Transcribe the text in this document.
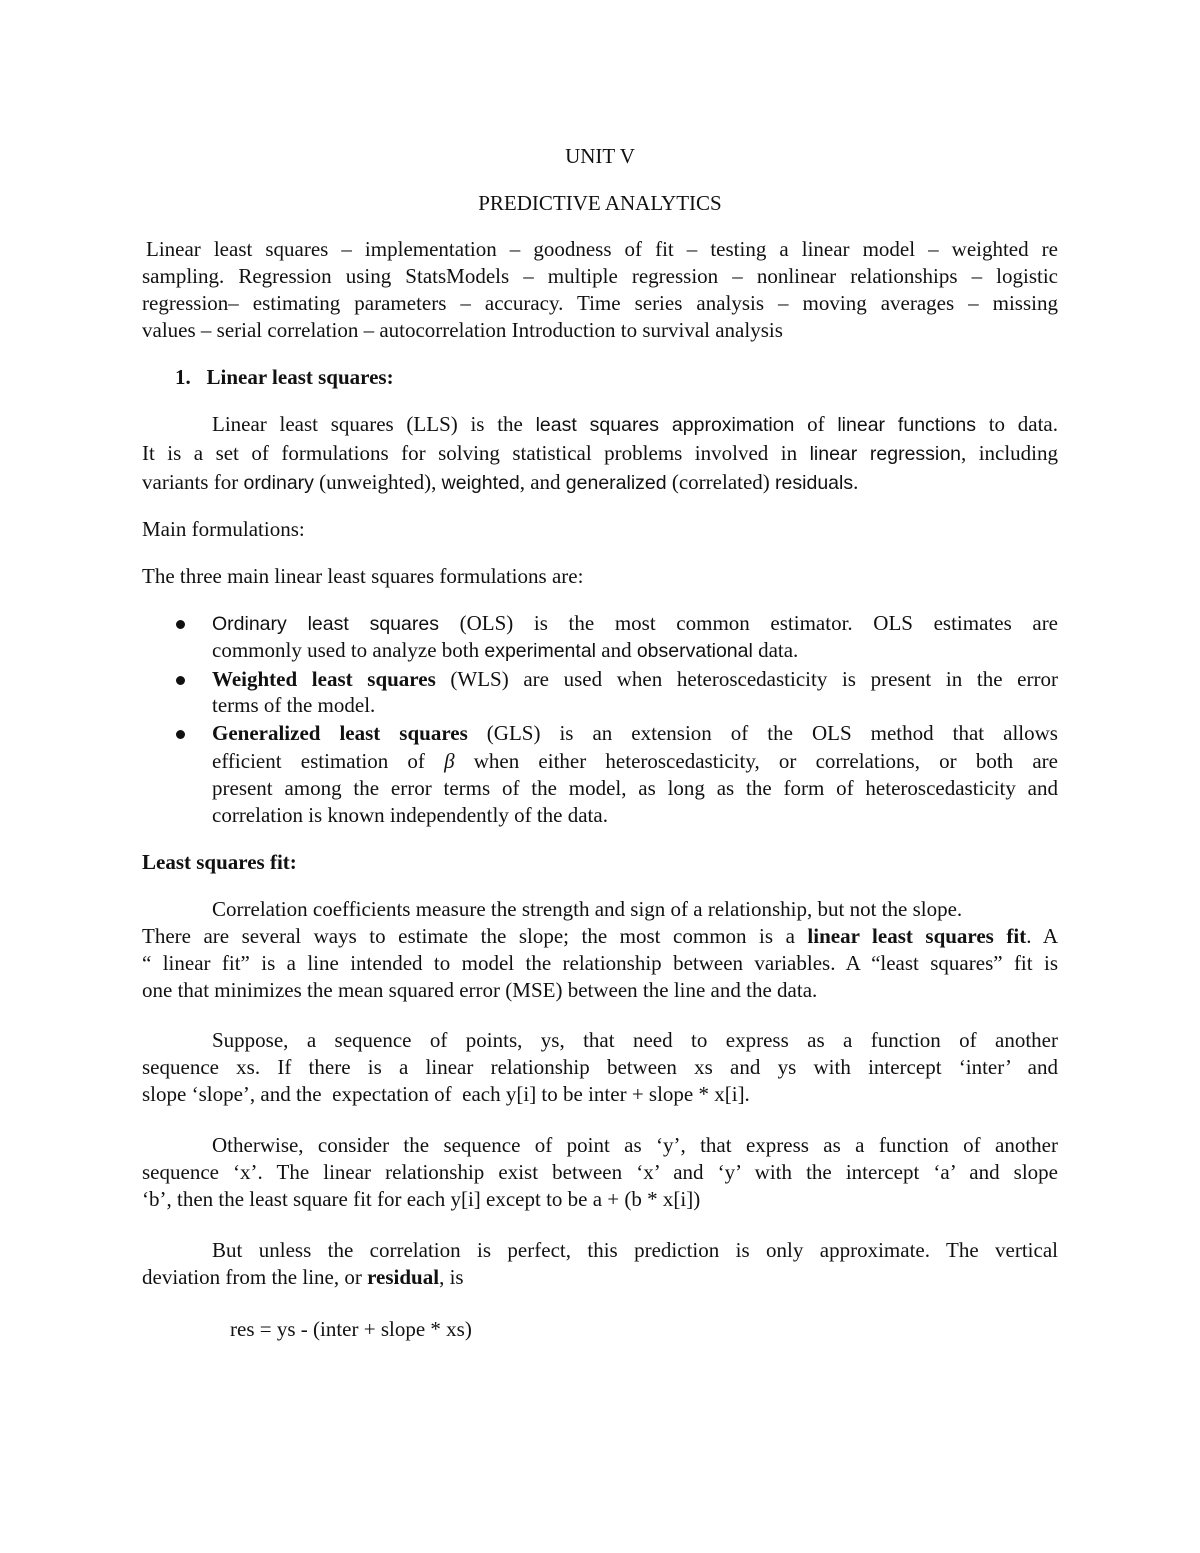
UNIT V
PREDICTIVE ANALYTICS
Linear least squares – implementation – goodness of fit – testing a linear model – weighted re
sampling. Regression using StatsModels – multiple regression – nonlinear relationships – logistic
regression– estimating parameters – accuracy. Time series analysis – moving averages – missing
values – serial correlation – autocorrelation Introduction to survival analysis
1.   Linear least squares:
Linear least squares (LLS) is the least squares approximation of linear functions to data.
It is a set of formulations for solving statistical problems involved in linear regression, including
variants for ordinary (unweighted), weighted, and generalized (correlated) residuals.
Main formulations:
The three main linear least squares formulations are:
Ordinary least squares (OLS) is the most common estimator. OLS estimates are
commonly used to analyze both experimental and observational data.
Weighted least squares (WLS) are used when heteroscedasticity is present in the error
terms of the model.
Generalized least squares (GLS) is an extension of the OLS method that allows
efficient estimation of β when either heteroscedasticity, or correlations, or both are
present among the error terms of the model, as long as the form of heteroscedasticity and
correlation is known independently of the data.
Least squares fit:
Correlation coefficients measure the strength and sign of a relationship, but not the slope.
There are several ways to estimate the slope; the most common is a linear least squares fit. A
“ linear fit” is a line intended to model the relationship between variables. A “least squares” fit is
one that minimizes the mean squared error (MSE) between the line and the data.
Suppose, a sequence of points, ys, that need to express as a function of another
sequence xs. If there is a linear relationship between xs and ys with intercept ‘inter’ and
slope ‘slope’, and the  expectation of  each y[i] to be inter + slope * x[i].
Otherwise, consider the sequence of point as ‘y’, that express as a function of another
sequence ‘x’. The linear relationship exist between ‘x’ and ‘y’ with the intercept ‘a’ and slope
‘b’, then the least square fit for each y[i] except to be a + (b * x[i])
But unless the correlation is perfect, this prediction is only approximate. The vertical
deviation from the line, or residual, is
res = ys - (inter + slope * xs)
